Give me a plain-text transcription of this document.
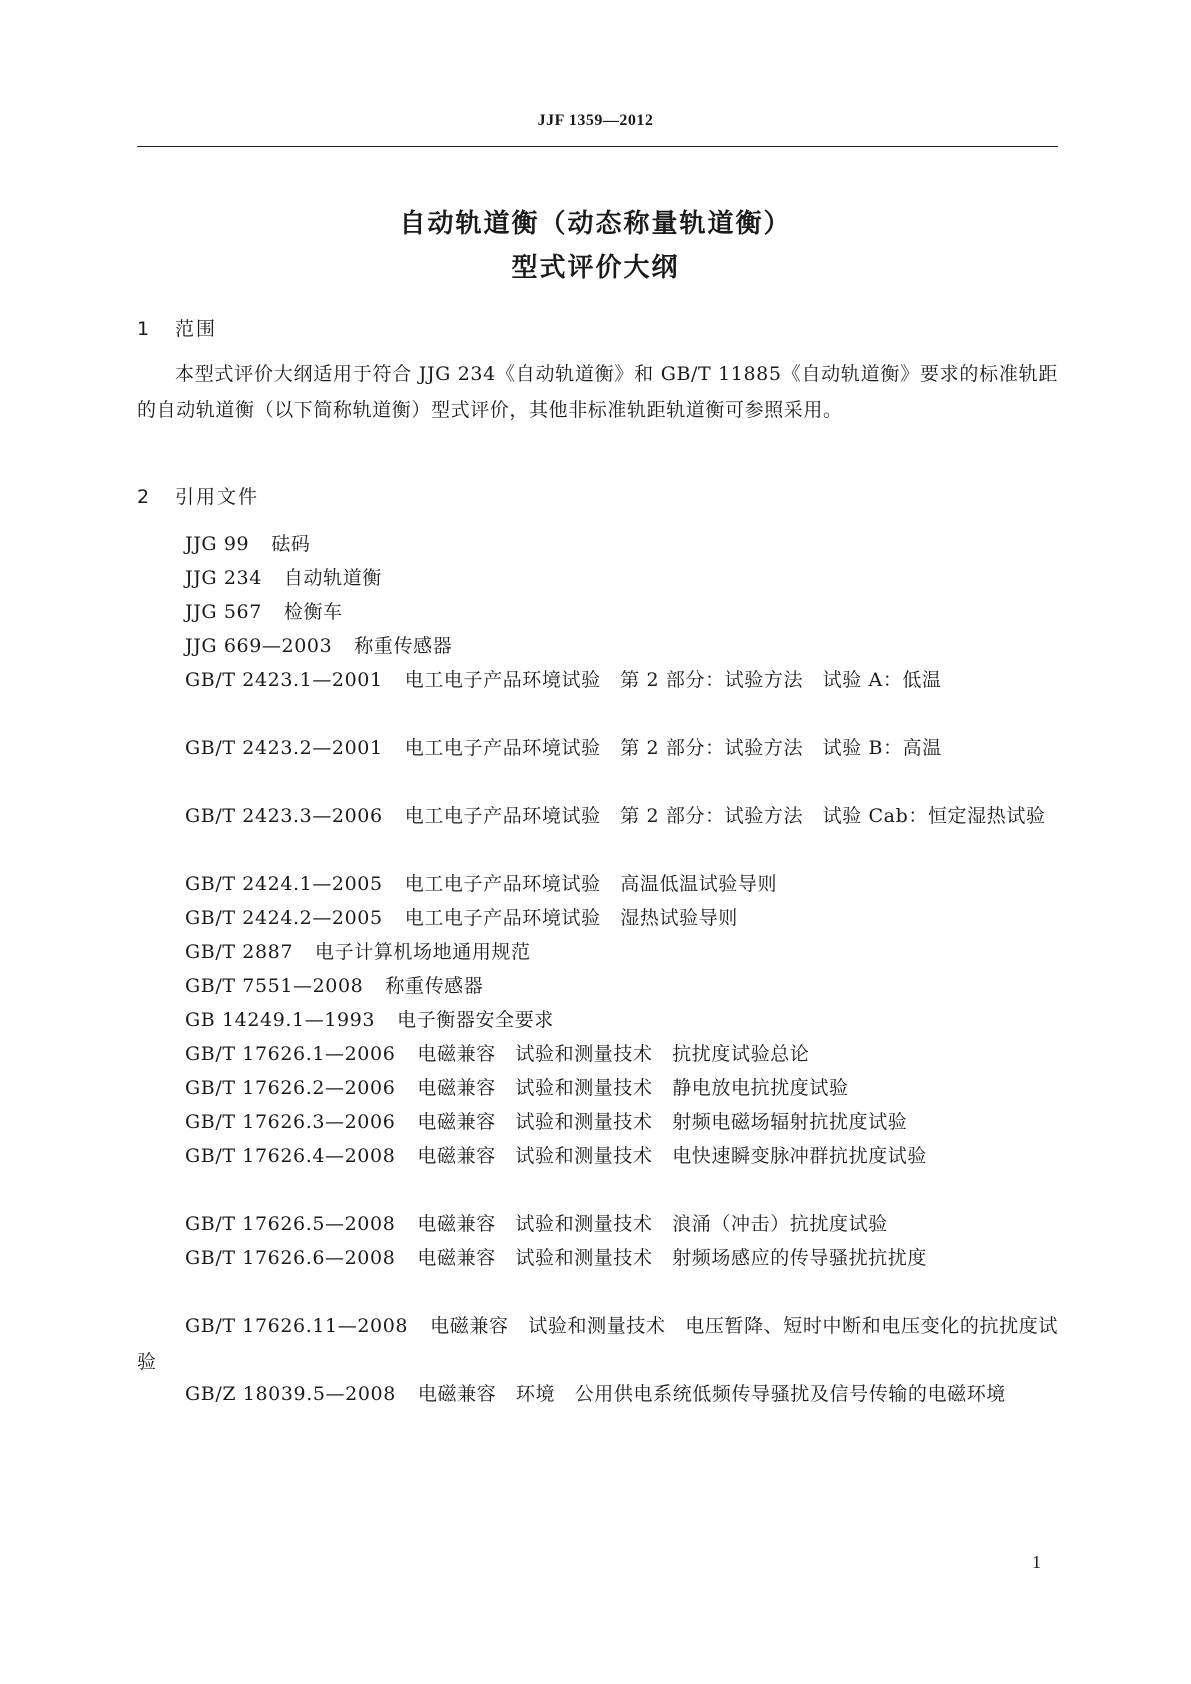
JJF 1359—2012
自动轨道衡（动态称量轨道衡）
型式评价大纲
1 范围

本型式评价大纲适用于符合 JJG 234《自动轨道衡》和 GB/T 11885《自动轨道衡》要求的标准轨距的自动轨道衡（以下简称轨道衡）型式评价，其他非标准轨距轨道衡可参照采用。

2 引用文件

JJG 99 砝码

JJG 234 自动轨道衡

JJG 567 检衡车

JJG 669—2003 称重传感器

GB/T 2423.1—2001 电工电子产品环境试验　第 2 部分：试验方法　试验 A：低温

GB/T 2423.2—2001 电工电子产品环境试验　第 2 部分：试验方法　试验 B：高温

GB/T 2423.3—2006 电工电子产品环境试验　第 2 部分：试验方法　试验 Cab：恒定湿热试验

GB/T 2424.1—2005 电工电子产品环境试验　高温低温试验导则

GB/T 2424.2—2005 电工电子产品环境试验　湿热试验导则

GB/T 2887 电子计算机场地通用规范

GB/T 7551—2008 称重传感器

GB 14249.1—1993 电子衡器安全要求

GB/T 17626.1—2006 电磁兼容　试验和测量技术　抗扰度试验总论

GB/T 17626.2—2006 电磁兼容　试验和测量技术　静电放电抗扰度试验

GB/T 17626.3—2006 电磁兼容　试验和测量技术　射频电磁场辐射抗扰度试验

GB/T 17626.4—2008 电磁兼容　试验和测量技术　电快速瞬变脉冲群抗扰度试验

GB/T 17626.5—2008 电磁兼容　试验和测量技术　浪涌（冲击）抗扰度试验

GB/T 17626.6—2008 电磁兼容　试验和测量技术　射频场感应的传导骚扰抗扰度

GB/T 17626.11—2008 电磁兼容　试验和测量技术　电压暂降、短时中断和电压变化的抗扰度试验

GB/Z 18039.5—2008 电磁兼容　环境　公用供电系统低频传导骚扰及信号传输的电磁环境

1
